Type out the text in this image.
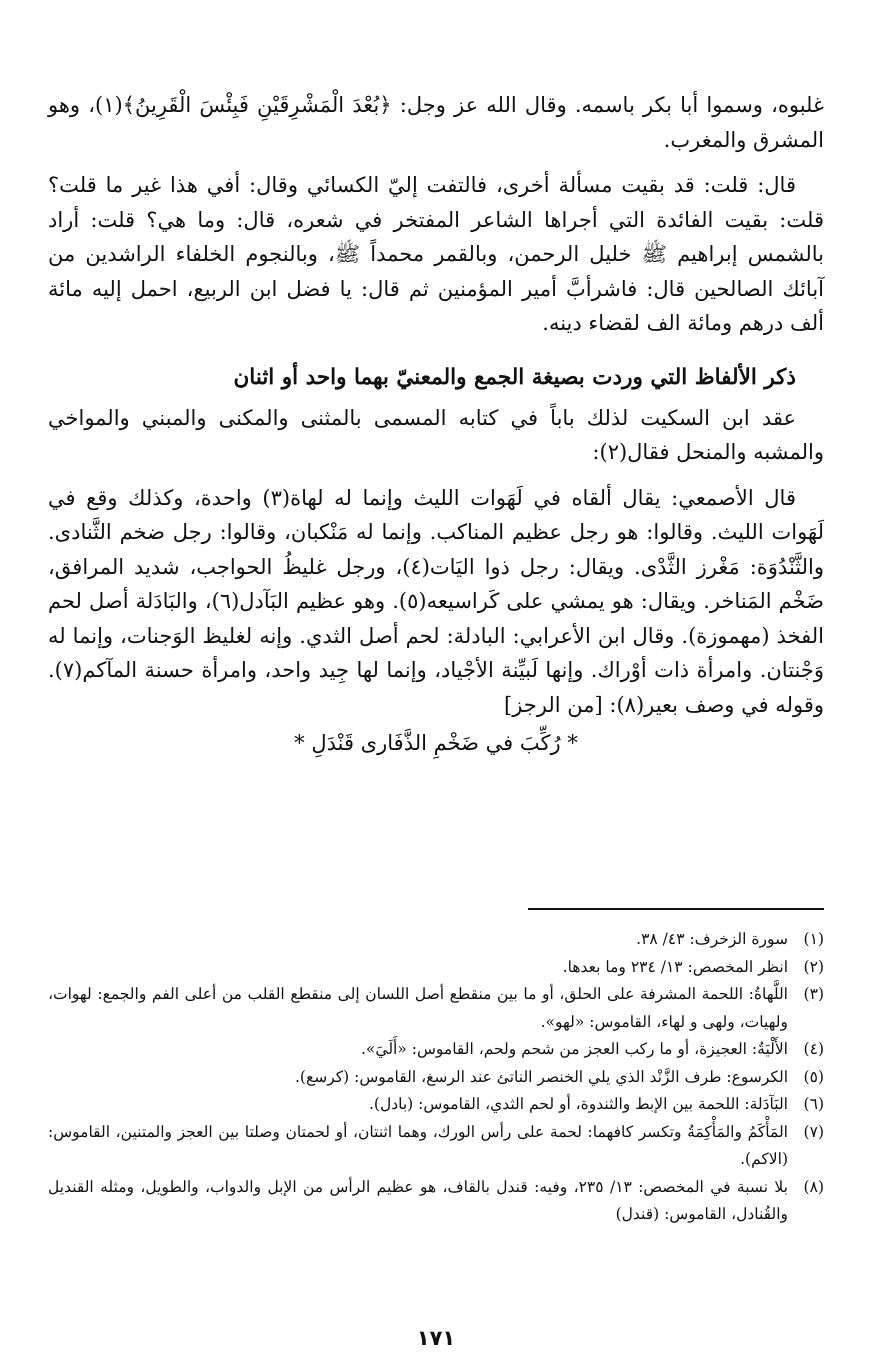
غلبوه، وسموا أبا بكر باسمه. وقال الله عز وجل: ﴿بُعْدَ الْمَشْرِقَيْنِ فَبِئْسَ الْقَرِينُ﴾(١)، وهو المشرق والمغرب.

قال: قلت: قد بقيت مسألة أخرى، فالتفت إليّ الكسائي وقال: أفي هذا غير ما قلت؟ قلت: بقيت الفائدة التي أجراها الشاعر المفتخر في شعره، قال: وما هي؟ قلت: أراد بالشمس إبراهيم ﷺ خليل الرحمن، وبالقمر محمداً ﷺ، وبالنجوم الخلفاء الراشدين من آبائك الصالحين قال: فاشرأبَّ أمير المؤمنين ثم قال: يا فضل ابن الربيع، احمل إليه مائة ألف درهم ومائة الف لقضاء دينه.

ذكر الألفاظ التي وردت بصيغة الجمع والمعنيّ بهما واحد أو اثنان

عقد ابن السكيت لذلك باباً في كتابه المسمى بالمثنى والمكنى والمبني والمواخي والمشبه والمنحل فقال(٢):

قال الأصمعي: يقال ألقاه في لَهَوات الليث وإنما له لهاة(٣) واحدة، وكذلك وقع في لَهَوات الليث. وقالوا: هو رجل عظيم المناكب. وإنما له مَنْكبان، وقالوا: رجل ضخم الثَّنادى. والثَّنْدُوَة: مَغْرز الثَّدْى. ويقال: رجل ذوا اليَات(٤)، ورجل غليظُ الحواجب، شديد المرافق، ضَخْم المَناخر. ويقال: هو يمشي على كَراسيعه(٥). وهو عظيم البَآدل(٦)، والبَادَلة أصل لحم الفخذ (مهموزة). وقال ابن الأعرابي: البادلة: لحم أصل الثدي. وإنه لغليظ الوَجنات، وإنما له وَجْنتان. وامرأة ذات أوْراك. وإنها لَبيِّنة الأجْياد، وإنما لها جِيد واحد، وامرأة حسنة المآكم(٧). وقوله في وصف بعير(٨): [من الرجز]

* رُكِّبَ في ضَخْمِ الذَّفَارى قَنْدَلِ *
(١)
سورة الزخرف: ٤٣/ ٣٨.
(٢)
انظر المخصص: ١٣/ ٢٣٤ وما بعدها.
(٣)
اللَّهاةُ: اللحمة المشرفة على الحلق، أو ما بين منقطع أصل اللسان إلى منقطع القلب من أعلى الفم والجمع: لهوات، ولهيات، ولهى و لهاء، القاموس: «لهو».
(٤)
الأَلْيَةُ: العجيزة، أو ما ركب العجز من شحم ولحم، القاموس: «أَلَيَ».
(٥)
الكرسوع: طرف الزَّنْد الذي يلي الخنصر الناتئ عند الرسغ، القاموس: (كرسع).
(٦)
البَآدَلة: اللحمة بين الإبط والثندوة، أو لحم الثدي، القاموس: (بادل).
(٧)
المَأْكَمُ والمَأْكِمَةُ وتكسر كافهما: لحمة على رأس الورك، وهما اثنتان، أو لحمتان وصلتا بين العجز والمتنين، القاموس: (الاكم).
(٨)
بلا نسبة في المخصص: ١٣/ ٢٣٥، وفيه: قندل بالقاف، هو عظيم الرأس من الإبل والدواب، والطويل، ومثله القنديل والقُنادل، القاموس: (قندل)
١٧١
